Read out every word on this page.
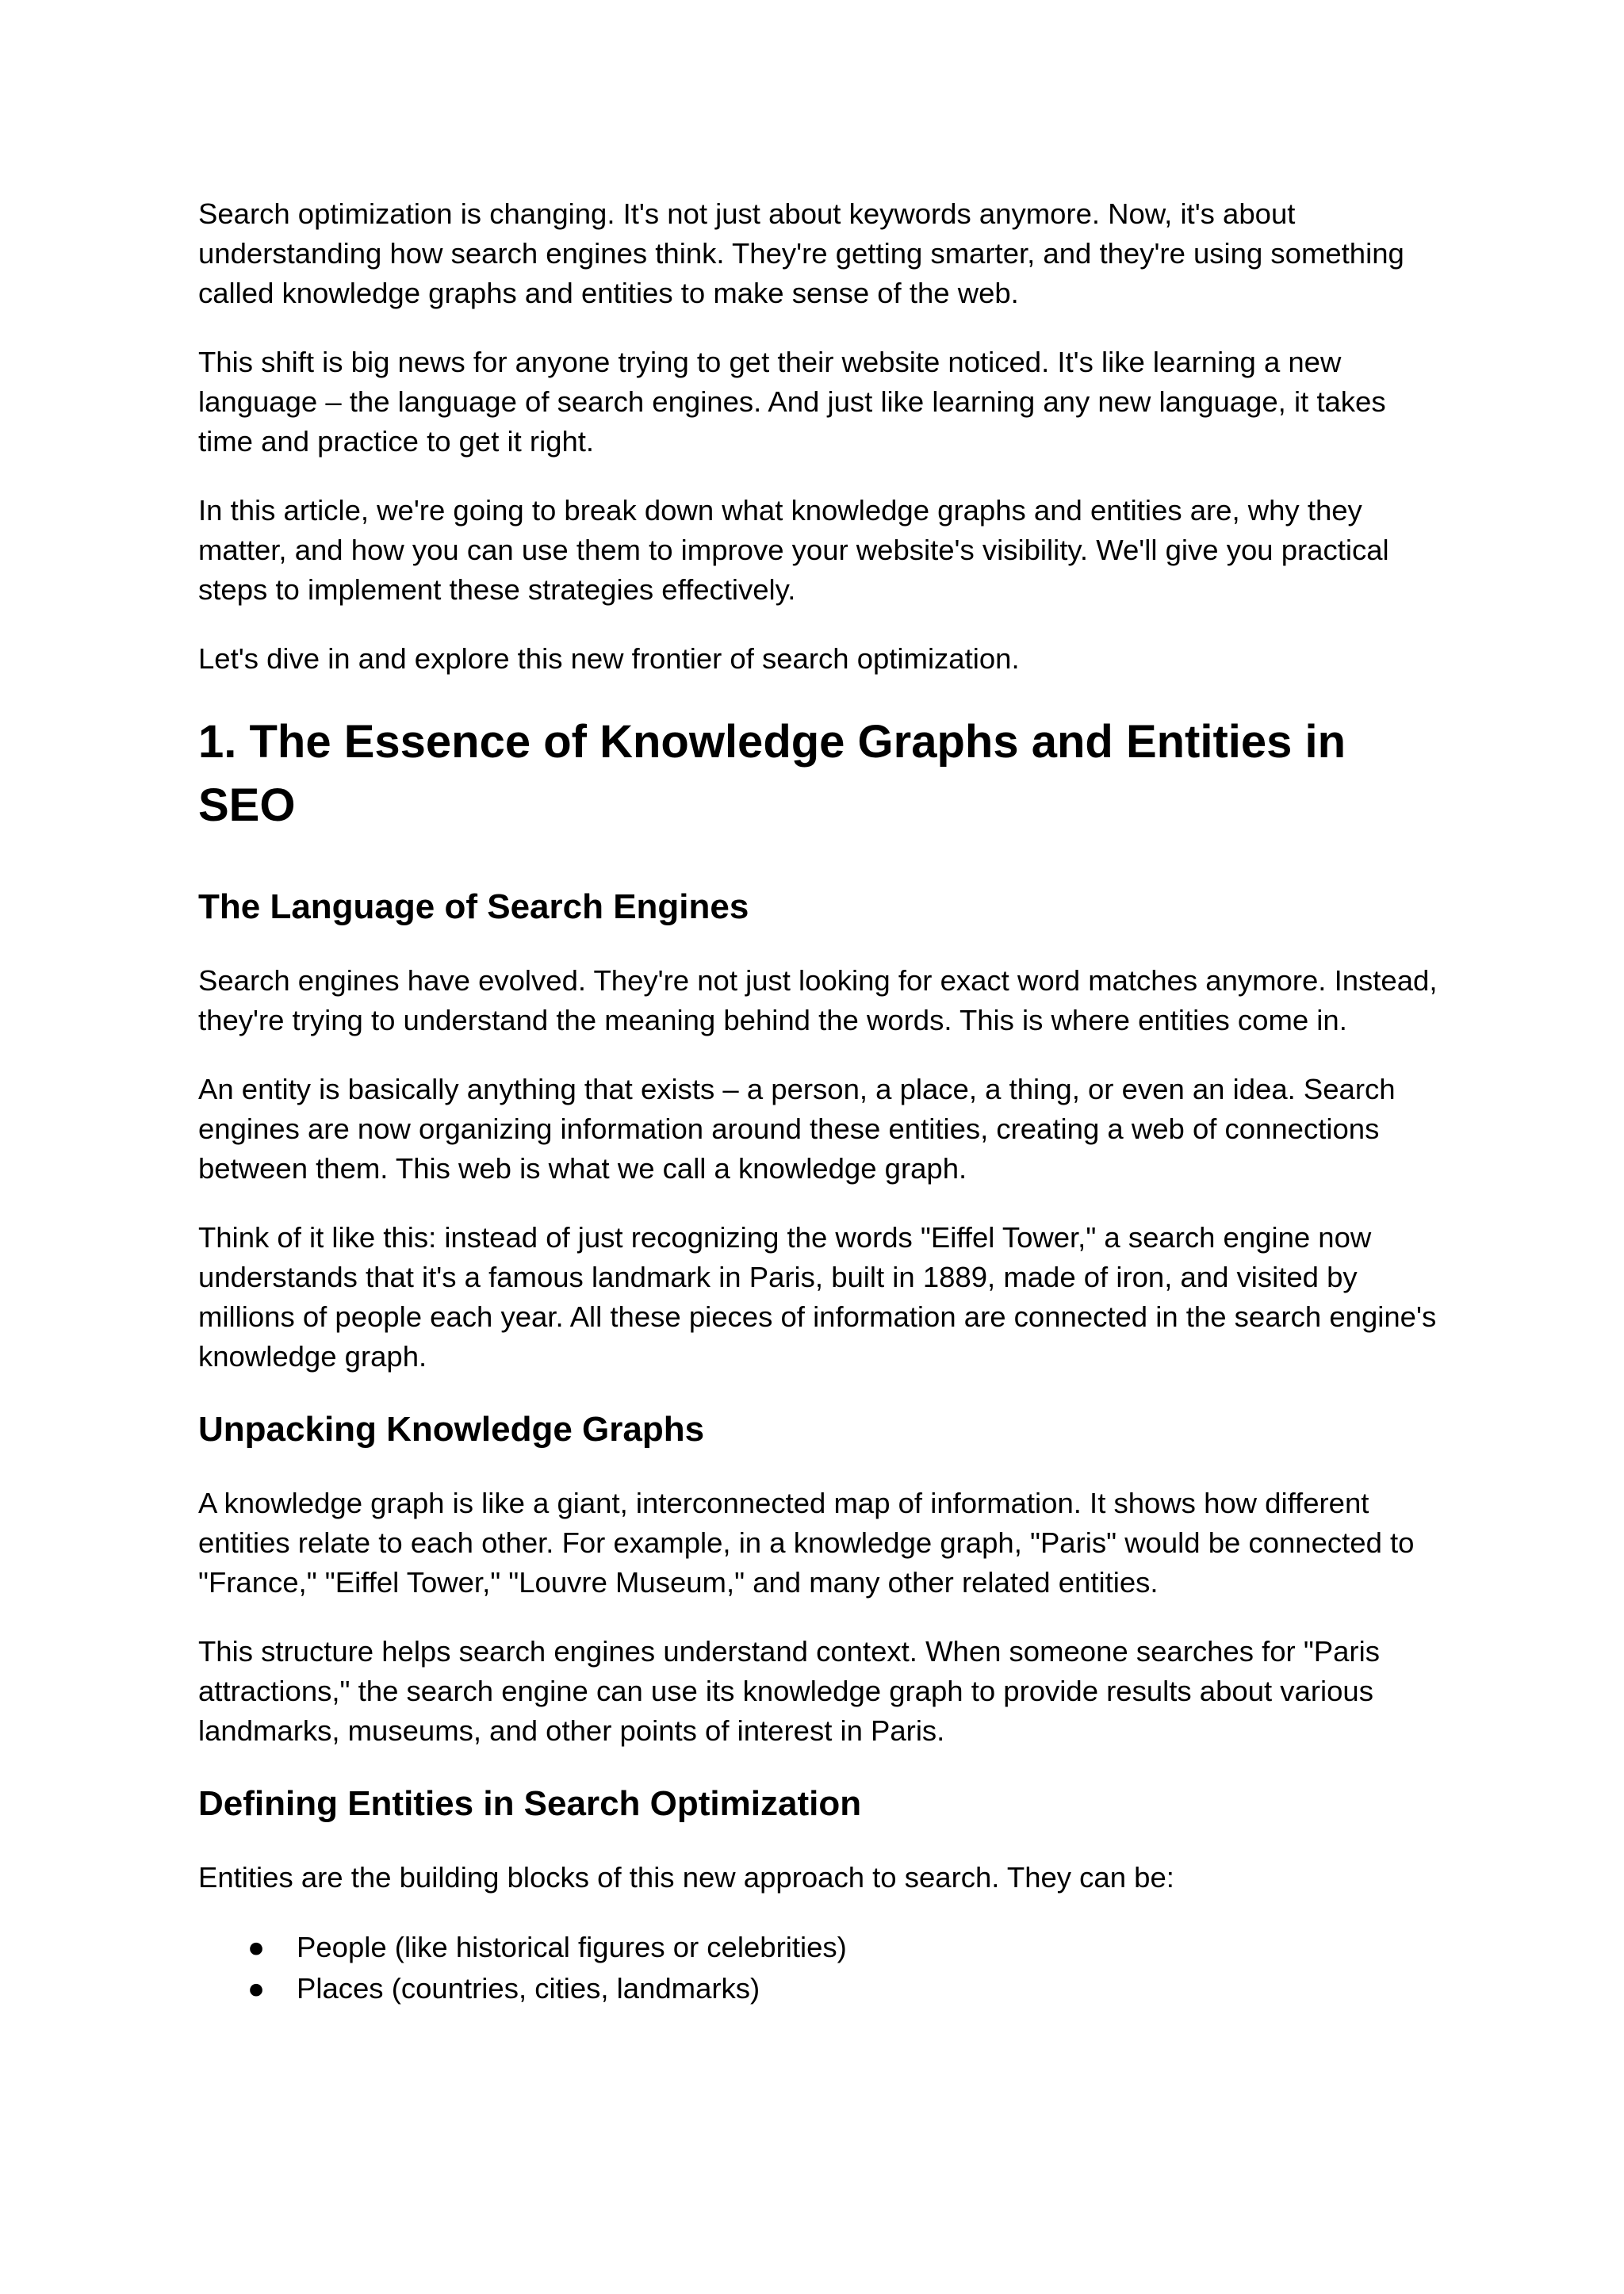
Search optimization is changing. It's not just about keywords anymore. Now, it's about understanding how search engines think. They're getting smarter, and they're using something called knowledge graphs and entities to make sense of the web.

This shift is big news for anyone trying to get their website noticed. It's like learning a new language – the language of search engines. And just like learning any new language, it takes time and practice to get it right.

In this article, we're going to break down what knowledge graphs and entities are, why they matter, and how you can use them to improve your website's visibility. We'll give you practical steps to implement these strategies effectively.

Let's dive in and explore this new frontier of search optimization.

1. The Essence of Knowledge Graphs and Entities in SEO
The Language of Search Engines

Search engines have evolved. They're not just looking for exact word matches anymore. Instead, they're trying to understand the meaning behind the words. This is where entities come in.

An entity is basically anything that exists – a person, a place, a thing, or even an idea. Search engines are now organizing information around these entities, creating a web of connections between them. This web is what we call a knowledge graph.

Think of it like this: instead of just recognizing the words "Eiffel Tower," a search engine now understands that it's a famous landmark in Paris, built in 1889, made of iron, and visited by millions of people each year. All these pieces of information are connected in the search engine's knowledge graph.

Unpacking Knowledge Graphs

A knowledge graph is like a giant, interconnected map of information. It shows how different entities relate to each other. For example, in a knowledge graph, "Paris" would be connected to "France," "Eiffel Tower," "Louvre Museum," and many other related entities.

This structure helps search engines understand context. When someone searches for "Paris attractions," the search engine can use its knowledge graph to provide results about various landmarks, museums, and other points of interest in Paris.

Defining Entities in Search Optimization

Entities are the building blocks of this new approach to search. They can be:

● People (like historical figures or celebrities)
● Places (countries, cities, landmarks)
